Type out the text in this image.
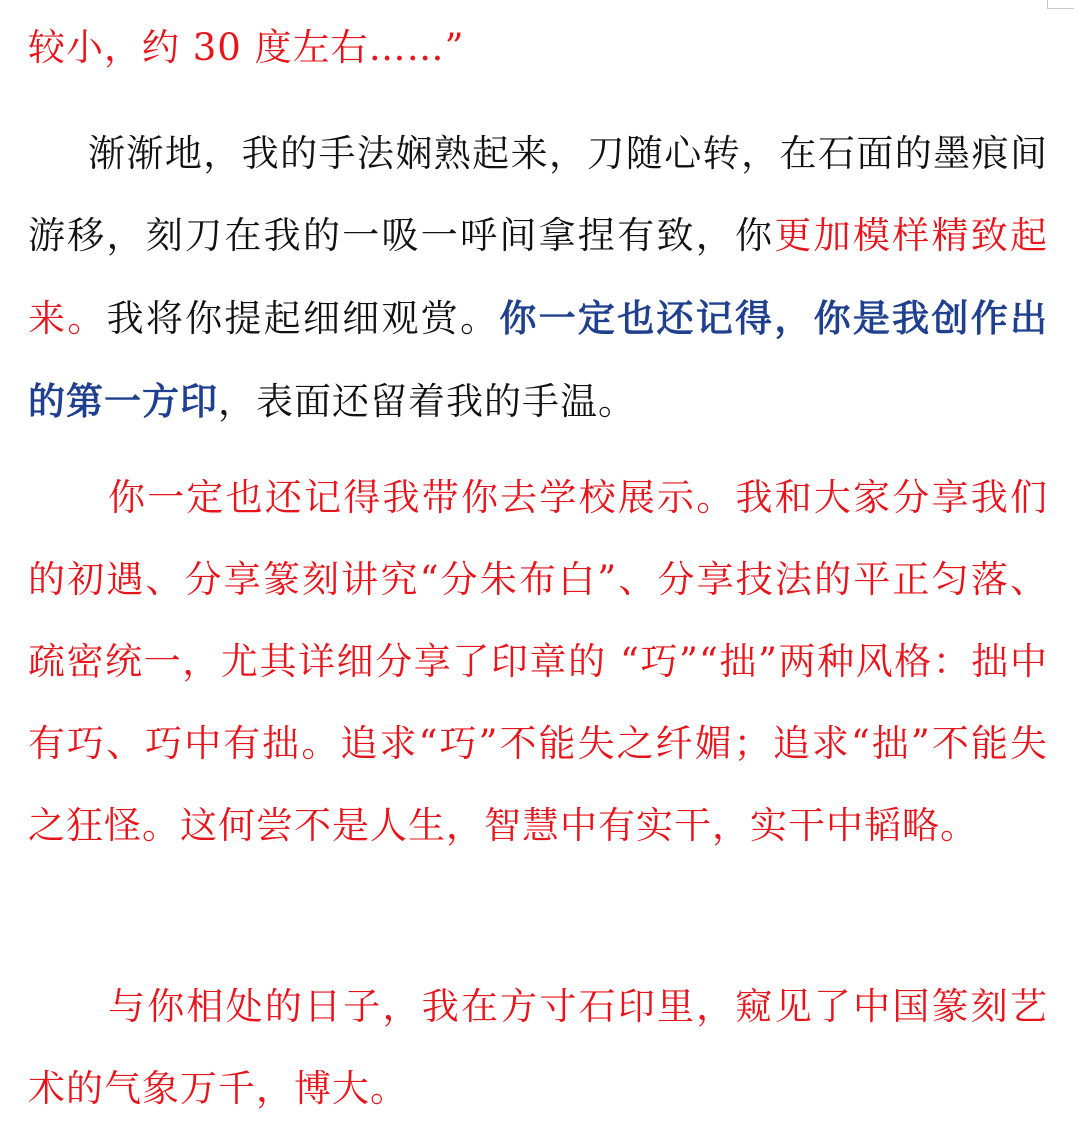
较小，约 30 度左右……”

渐渐地，我的手法娴熟起来，刀随心转，在石面的墨痕间游移，刻刀在我的一吸一呼间拿捏有致，你更加模样精致起来。我将你提起细细观赏。你一定也还记得，你是我创作出的第一方印，表面还留着我的手温。

你一定也还记得我带你去学校展示。我和大家分享我们的初遇、分享篆刻讲究“分朱布白”、分享技法的平正匀落、疏密统一，尤其详细分享了印章的 “巧”“拙”两种风格：拙中有巧、巧中有拙。追求“巧”不能失之纤媚；追求“拙”不能失之狂怪。这何尝不是人生，智慧中有实干，实干中韬略。

与你相处的日子，我在方寸石印里，窥见了中国篆刻艺术的气象万千，博大。
